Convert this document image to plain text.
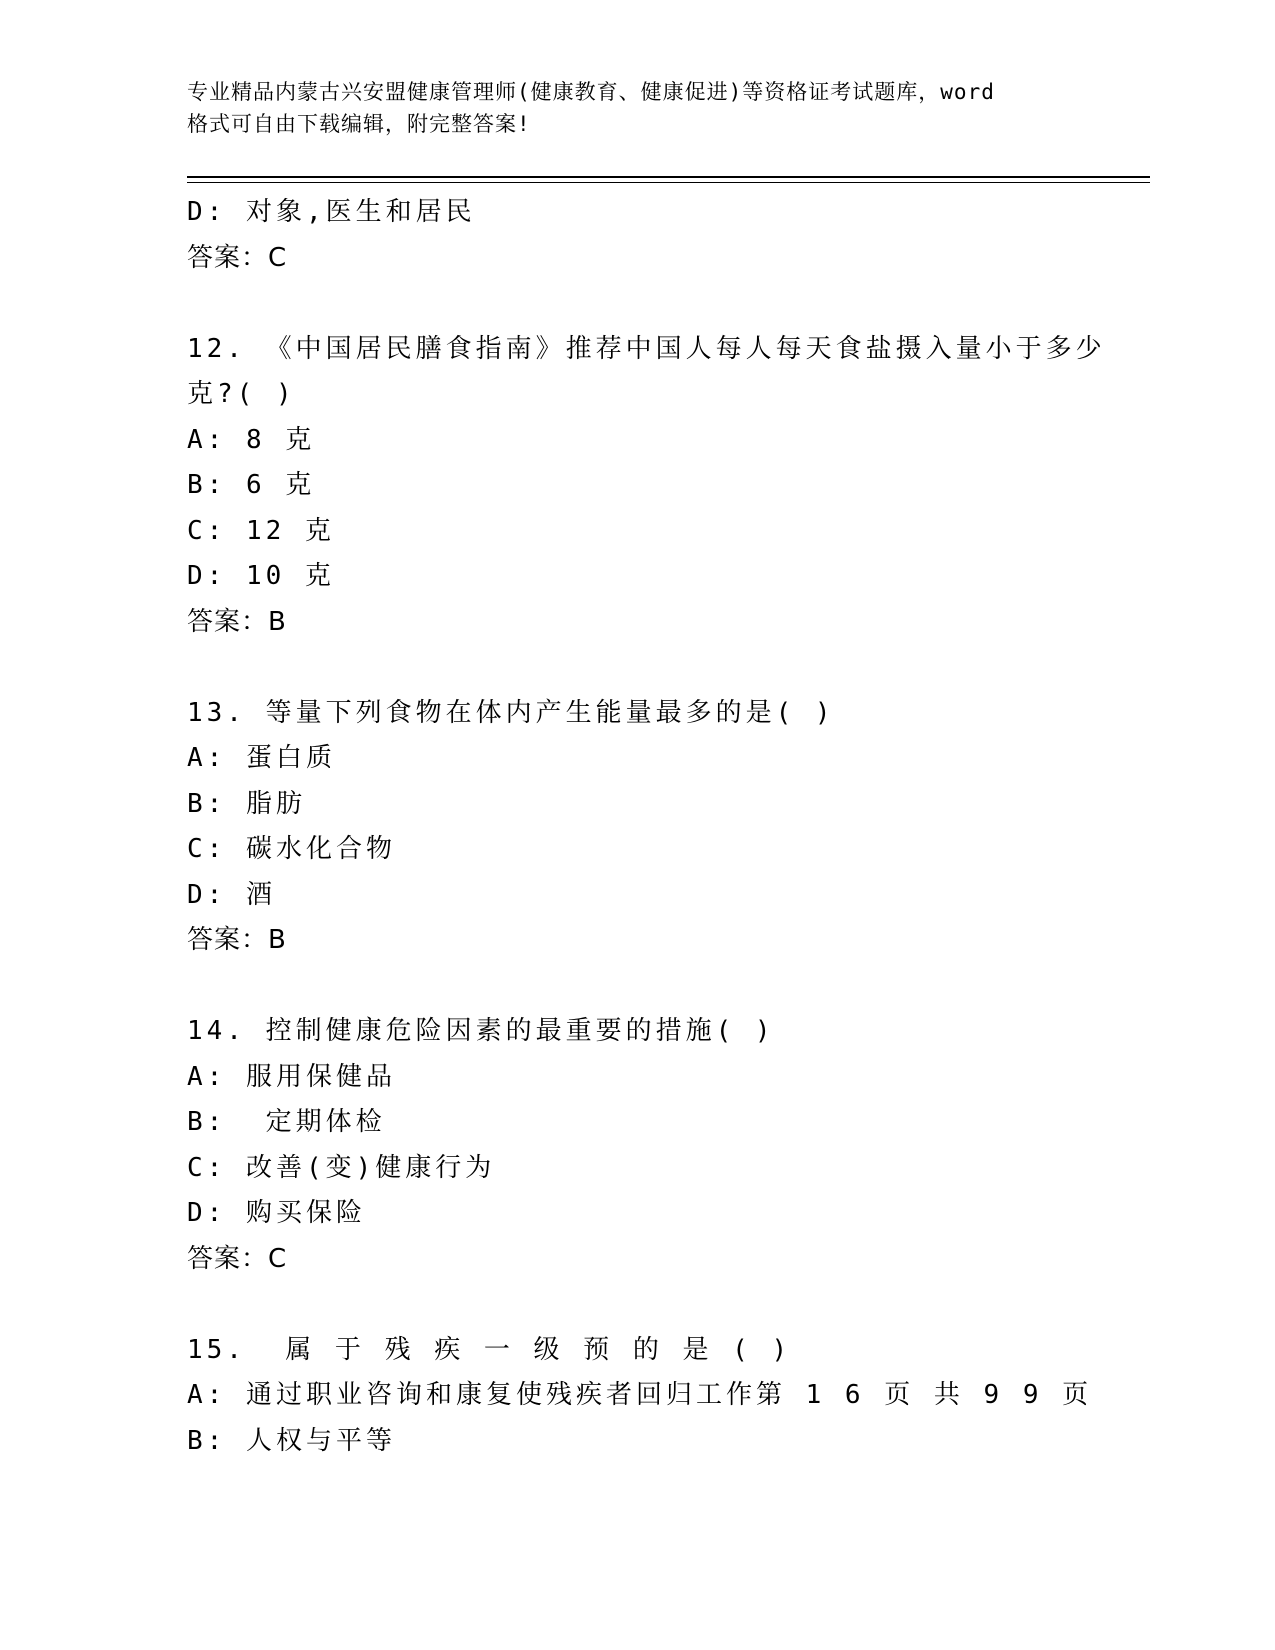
专业精品内蒙古兴安盟健康管理师(健康教育、健康促进)等资格证考试题库，word
格式可自由下载编辑，附完整答案!
D: 对象,医生和居民
答案：C
12. 《中国居民膳食指南》推荐中国人每人每天食盐摄入量小于多少
克?( )
A: 8 克
B: 6 克
C: 12 克
D: 10 克
答案：B
13. 等量下列食物在体内产生能量最多的是( )
A: 蛋白质
B: 脂肪
C: 碳水化合物
D: 酒
答案：B
14. 控制健康危险因素的最重要的措施( )
A: 服用保健品
B:  定期体检
C: 改善(变)健康行为
D: 购买保险
答案：C
15.  属 于 残 疾 一 级 预 的 是 ( )
A: 通过职业咨询和康复使残疾者回归工作第 1 6 页 共 9 9 页
B: 人权与平等
